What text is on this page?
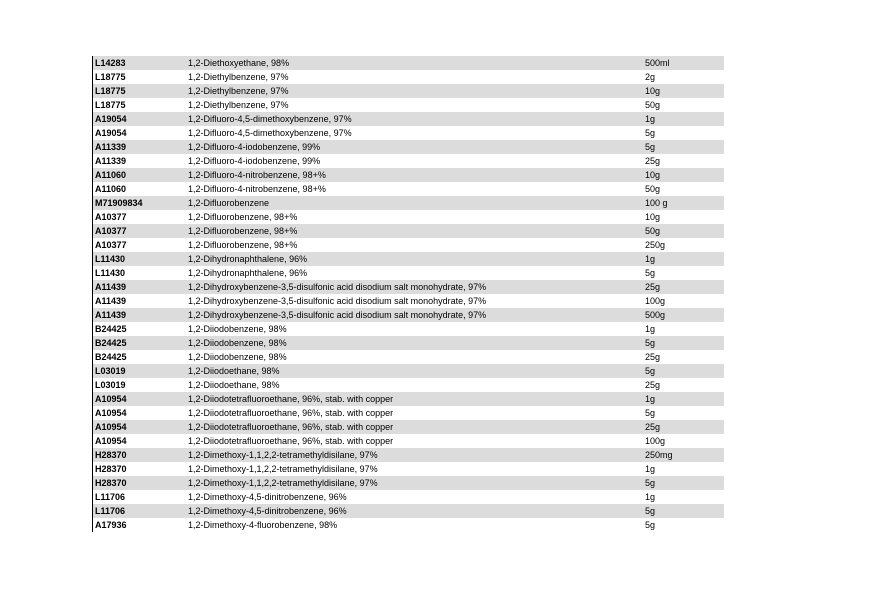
L14283	1,2-Diethoxyethane, 98%	500ml
L18775	1,2-Diethylbenzene, 97%	2g
L18775	1,2-Diethylbenzene, 97%	10g
L18775	1,2-Diethylbenzene, 97%	50g
A19054	1,2-Difluoro-4,5-dimethoxybenzene, 97%	1g
A19054	1,2-Difluoro-4,5-dimethoxybenzene, 97%	5g
A11339	1,2-Difluoro-4-iodobenzene, 99%	5g
A11339	1,2-Difluoro-4-iodobenzene, 99%	25g
A11060	1,2-Difluoro-4-nitrobenzene, 98+%	10g
A11060	1,2-Difluoro-4-nitrobenzene, 98+%	50g
M71909834	1,2-Difluorobenzene	100 g
A10377	1,2-Difluorobenzene, 98+%	10g
A10377	1,2-Difluorobenzene, 98+%	50g
A10377	1,2-Difluorobenzene, 98+%	250g
L11430	1,2-Dihydronaphthalene, 96%	1g
L11430	1,2-Dihydronaphthalene, 96%	5g
A11439	1,2-Dihydroxybenzene-3,5-disulfonic acid disodium salt monohydrate, 97%	25g
A11439	1,2-Dihydroxybenzene-3,5-disulfonic acid disodium salt monohydrate, 97%	100g
A11439	1,2-Dihydroxybenzene-3,5-disulfonic acid disodium salt monohydrate, 97%	500g
B24425	1,2-Diiodobenzene, 98%	1g
B24425	1,2-Diiodobenzene, 98%	5g
B24425	1,2-Diiodobenzene, 98%	25g
L03019	1,2-Diiodoethane, 98%	5g
L03019	1,2-Diiodoethane, 98%	25g
A10954	1,2-Diiodotetrafluoroethane, 96%, stab. with copper	1g
A10954	1,2-Diiodotetrafluoroethane, 96%, stab. with copper	5g
A10954	1,2-Diiodotetrafluoroethane, 96%, stab. with copper	25g
A10954	1,2-Diiodotetrafluoroethane, 96%, stab. with copper	100g
H28370	1,2-Dimethoxy-1,1,2,2-tetramethyldisilane, 97%	250mg
H28370	1,2-Dimethoxy-1,1,2,2-tetramethyldisilane, 97%	1g
H28370	1,2-Dimethoxy-1,1,2,2-tetramethyldisilane, 97%	5g
L11706	1,2-Dimethoxy-4,5-dinitrobenzene, 96%	1g
L11706	1,2-Dimethoxy-4,5-dinitrobenzene, 96%	5g
A17936	1,2-Dimethoxy-4-fluorobenzene, 98%	5g
